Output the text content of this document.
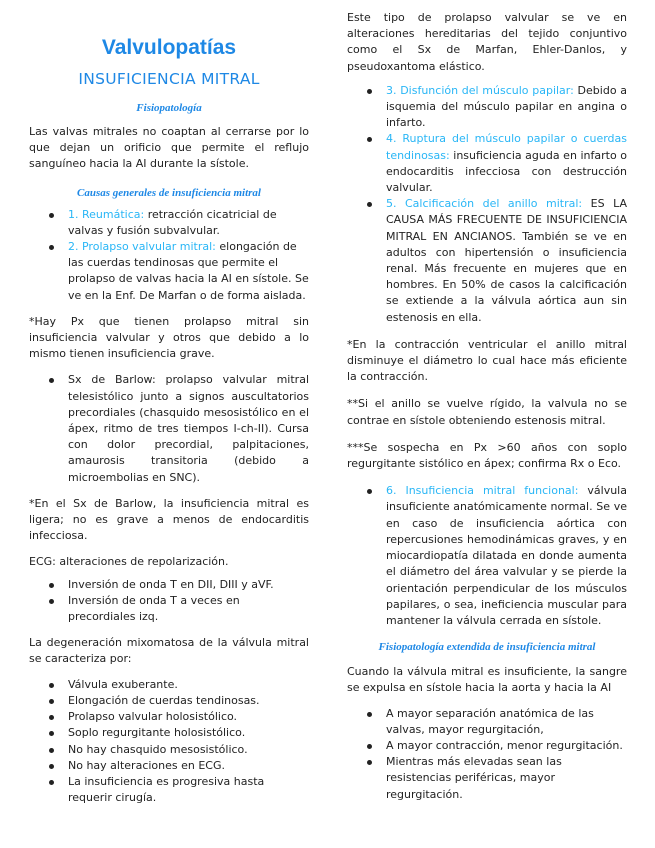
Valvulopatías
INSUFICIENCIA MITRAL
Fisiopatología

Las valvas mitrales no coaptan al cerrarse por lo que dejan un orificio que permite el reflujo sanguíneo hacia la AI durante la sístole.

Causas generales de insuficiencia mitral
1. Reumática: retracción cicatricial de valvas y fusión subvalvular.
2. Prolapso valvular mitral: elongación de las cuerdas tendinosas que permite el prolapso de valvas hacia la AI en sístole. Se ve en la Enf. De Marfan o de forma aislada.

*Hay Px que tienen prolapso mitral sin insuficiencia valvular y otros que debido a lo mismo tienen insuficiencia grave.

Sx de Barlow: prolapso valvular mitral telesistólico junto a signos auscultatorios precordiales (chasquido mesosistólico en el ápex, ritmo de tres tiempos I-ch-II). Cursa con dolor precordial, palpitaciones, amaurosis transitoria (debido a microembolias en SNC).

*En el Sx de Barlow, la insuficiencia mitral es ligera; no es grave a menos de endocarditis infecciosa.

ECG: alteraciones de repolarización.

Inversión de onda T en DII, DIII y aVF.
Inversión de onda T a veces en precordiales izq.

La degeneración mixomatosa de la válvula mitral se caracteriza por:

Válvula exuberante.
Elongación de cuerdas tendinosas.
Prolapso valvular holosistólico.
Soplo regurgitante holosistólico.
No hay chasquido mesosistólico.
No hay alteraciones en ECG.
La insuficiencia es progresiva hasta requerir cirugía.

Este tipo de prolapso valvular se ve en alteraciones hereditarias del tejido conjuntivo como el Sx de Marfan, Ehler-Danlos, y pseudoxantoma elástico.

3. Disfunción del músculo papilar: Debido a isquemia del músculo papilar en angina o infarto.
4. Ruptura del músculo papilar o cuerdas tendinosas: insuficiencia aguda en infarto o endocarditis infecciosa con destrucción valvular.
5. Calcificación del anillo mitral: ES LA CAUSA MÁS FRECUENTE DE INSUFICIENCIA MITRAL EN ANCIANOS. También se ve en adultos con hipertensión o insuficiencia renal. Más frecuente en mujeres que en hombres. En 50% de casos la calcificación se extiende a la válvula aórtica aun sin estenosis en ella.

*En la contracción ventricular el anillo mitral disminuye el diámetro lo cual hace más eficiente la contracción.

**Si el anillo se vuelve rígido, la valvula no se contrae en sístole obteniendo estenosis mitral.

***Se sospecha en Px >60 años con soplo regurgitante sistólico en ápex; confirma Rx o Eco.

6. Insuficiencia mitral funcional: válvula insuficiente anatómicamente normal. Se ve en caso de insuficiencia aórtica con repercusiones hemodinámicas graves, y en miocardiopatía dilatada en donde aumenta el diámetro del área valvular y se pierde la orientación perpendicular de los músculos papilares, o sea, ineficiencia muscular para mantener la válvula cerrada en sístole.
Fisiopatología extendida de insuficiencia mitral

Cuando la válvula mitral es insuficiente, la sangre se expulsa en sístole hacia la aorta y hacia la AI

A mayor separación anatómica de las valvas, mayor regurgitación,
A mayor contracción, menor regurgitación.
Mientras más elevadas sean las resistencias periféricas, mayor regurgitación.
